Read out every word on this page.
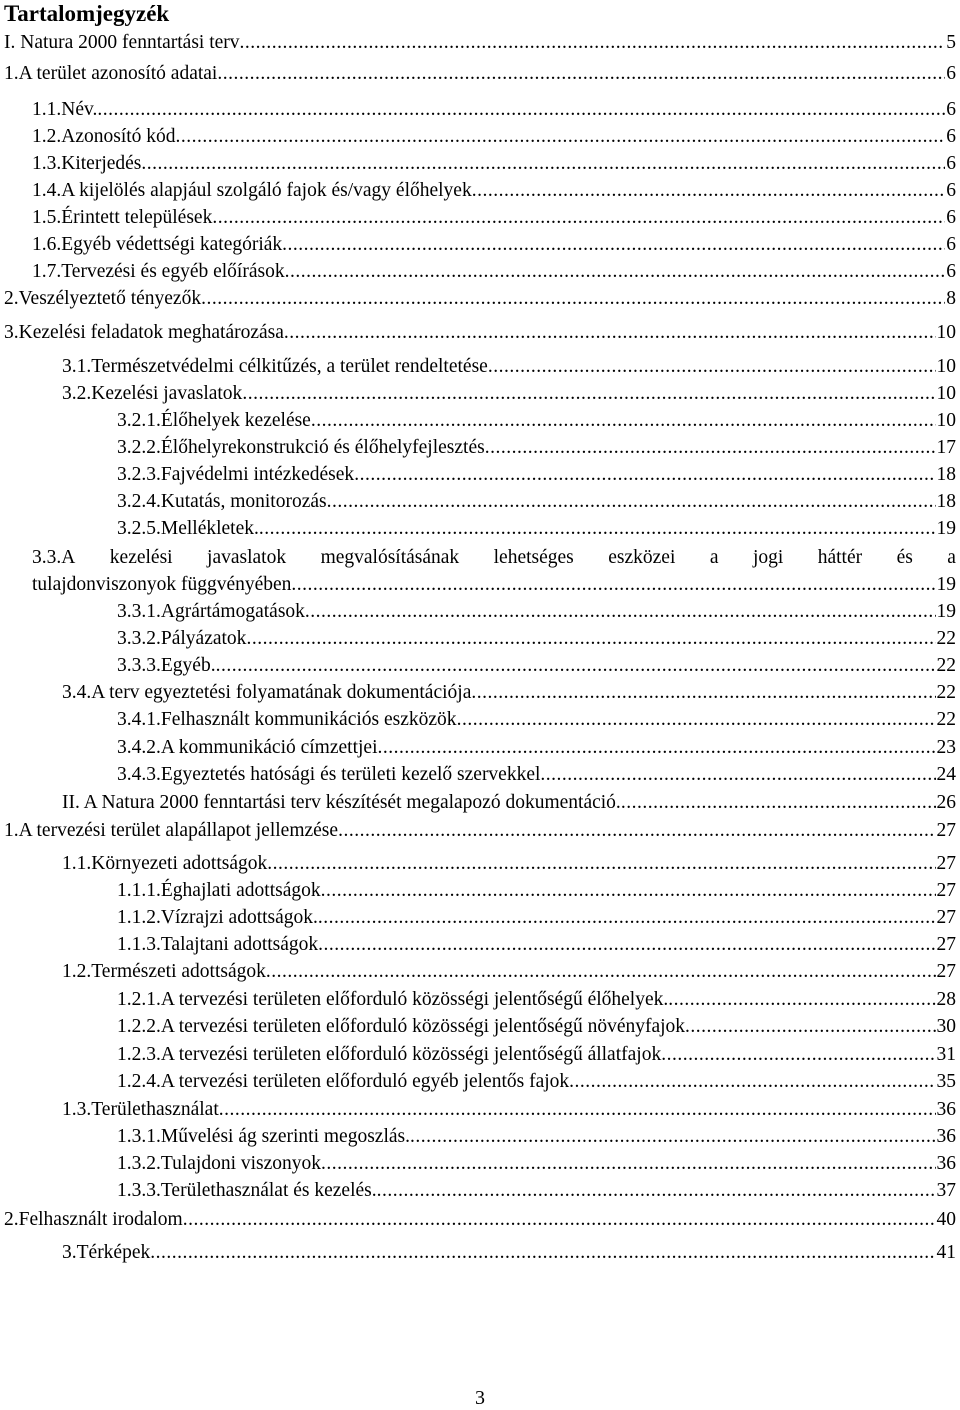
Tartalomjegyzék
I. Natura 2000 fenntartási terv .....	5
1.A terület azonosító adatai .....	6
1.1.Név. .....	6
1.2.Azonosító kód .....	6
1.3.Kiterjedés .....	6
1.4.A kijelölés alapjául szolgáló fajok és/vagy élőhelyek .....	6
1.5.Érintett települések .....	6
1.6.Egyéb védettségi kategóriák .....	6
1.7.Tervezési és egyéb előírások .....	6
2.Veszélyeztető tényezők .....	8
3.Kezelési feladatok meghatározása .....	10
3.1.Természetvédelmi célkitűzés, a terület rendeltetése .....	10
3.2.Kezelési javaslatok .....	10
3.2.1.Élőhelyek kezelése .....	10
3.2.2.Élőhelyrekonstrukció és élőhelyfejlesztés .....	17
3.2.3.Fajvédelmi intézkedések .....	18
3.2.4.Kutatás, monitorozás .....	18
3.2.5.Mellékletek. .....	19
3.3.A kezelési javaslatok megvalósításának lehetséges eszközei a jogi háttér és a
tulajdonviszonyok függvényében .....	19
3.3.1.Agrártámogatások .....	19
3.3.2.Pályázatok .....	22
3.3.3.Egyéb. .....	22
3.4.A terv egyeztetési folyamatának dokumentációja .....	22
3.4.1.Felhasznált kommunikációs eszközök .....	22
3.4.2.A kommunikáció címzettjei .....	23
3.4.3.Egyeztetés hatósági és területi kezelő szervekkel .....	24
II. A Natura 2000 fenntartási terv készítését megalapozó dokumentáció. .....	26
1.A tervezési terület alapállapot jellemzése .....	27
1.1.Környezeti adottságok .....	27
1.1.1.Éghajlati adottságok .....	27
1.1.2.Vízrajzi adottságok. .....	27
1.1.3.Talajtani adottságok .....	27
1.2.Természeti adottságok .....	27
1.2.1.A tervezési területen előforduló közösségi jelentőségű élőhelyek. .....	28
1.2.2.A tervezési területen előforduló közösségi jelentőségű növényfajok .....	30
1.2.3.A tervezési területen előforduló közösségi jelentőségű állatfajok .....	31
1.2.4.A tervezési területen előforduló egyéb jelentős fajok .....	35
1.3.Területhasználat .....	36
1.3.1.Művelési ág szerinti megoszlás. .....	36
1.3.2.Tulajdoni viszonyok .....	36
1.3.3.Területhasználat és kezelés. .....	37
2.Felhasznált irodalom .....	40
3.Térképek .....	41
3
